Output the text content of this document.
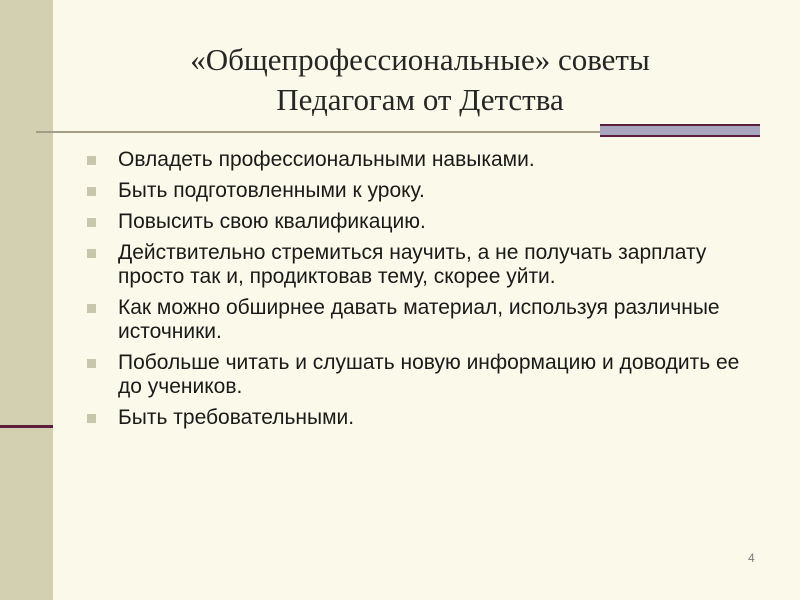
«Общепрофессиональные» советы
Педагогам от Детства
Овладеть профессиональными навыками.
Быть подготовленными к уроку.
Повысить свою квалификацию.
Действительно стремиться научить, а не получать зарплату просто так и, продиктовав тему, скорее уйти.
Как можно обширнее давать материал, используя различные источники.
Побольше читать и слушать новую информацию и доводить ее до учеников.
Быть требовательными.
4
